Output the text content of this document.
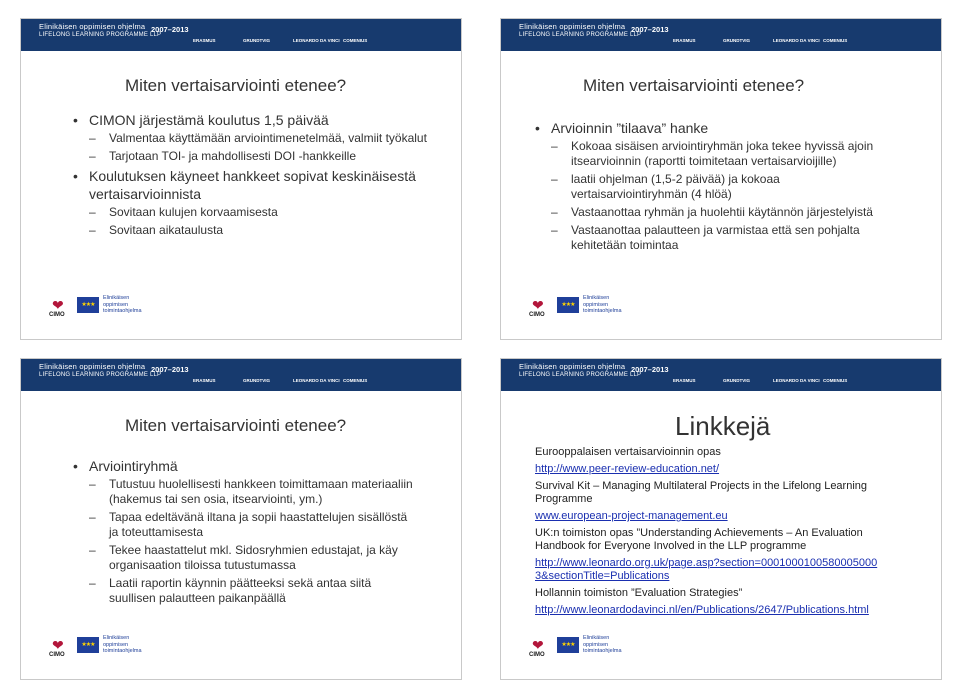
Elinikäisen oppimisen ohjelma
LIFELONG LEARNING PROGRAMME LLP
2007–2013
ERASMUS	GRUNDTVIG	LEONARDO DA VINCI COMENIUS
Miten vertaisarviointi etenee?
• CIMON järjestämä koulutus 1,5 päivää
– Valmentaa käyttämään arviointimenetelmää, valmiit työkalut
– Tarjotaan TOI- ja mahdollisesti DOI -hankkeille
• Koulutuksen käyneet hankkeet sopivat keskinäisestä vertaisarvioinnista
– Sovitaan kulujen korvaamisesta
– Sovitaan aikataulusta
❤
CIMO
★★★
Elinikäisen
oppimisen
toimintaohjelma
Elinikäisen oppimisen ohjelma
LIFELONG LEARNING PROGRAMME LLP
2007–2013
ERASMUS	GRUNDTVIG	LEONARDO DA VINCI COMENIUS
Miten vertaisarviointi etenee?
• Arvioinnin ”tilaava” hanke
– Kokoaa sisäisen arviointiryhmän joka tekee hyvissä ajoin itsearvioinnin (raportti toimitetaan vertaisarvioijille)
– laatii ohjelman (1,5-2 päivää) ja kokoaa vertaisarviointiryhmän (4 hlöä)
– Vastaanottaa ryhmän ja huolehtii käytännön järjestelyistä
– Vastaanottaa palautteen ja varmistaa että sen pohjalta kehitetään toimintaa
❤
CIMO
★★★
Elinikäisen
oppimisen
toimintaohjelma
Elinikäisen oppimisen ohjelma
LIFELONG LEARNING PROGRAMME LLP
2007–2013
ERASMUS	GRUNDTVIG	LEONARDO DA VINCI COMENIUS
Miten vertaisarviointi etenee?
• Arviointiryhmä
– Tutustuu huolellisesti hankkeen toimittamaan materiaaliin (hakemus tai sen osia, itsearviointi, ym.)
– Tapaa edeltävänä iltana ja sopii haastattelujen sisällöstä ja toteuttamisesta
– Tekee haastattelut mkl. Sidosryhmien edustajat, ja käy organisaation tiloissa tutustumassa
– Laatii raportin käynnin päätteeksi sekä antaa siitä suullisen palautteen paikanpäällä
❤
CIMO
★★★
Elinikäisen
oppimisen
toimintaohjelma
Elinikäisen oppimisen ohjelma
LIFELONG LEARNING PROGRAMME LLP
2007–2013
ERASMUS	GRUNDTVIG	LEONARDO DA VINCI COMENIUS
Linkkejä

Eurooppalaisen vertaisarvioinnin opas

http://www.peer-review-education.net/

Survival Kit – Managing Multilateral Projects in the Lifelong Learning Programme

www.european-project-management.eu

UK:n toimiston opas ”Understanding Achievements – An Evaluation Handbook for Everyone Involved in the LLP programme

http://www.leonardo.org.uk/page.asp?section=0001000100580005000 3&sectionTitle=Publications

Hollannin toimiston ”Evaluation Strategies”

http://www.leonardodavinci.nl/en/Publications/2647/Publications.html

❤
CIMO
★★★
Elinikäisen
oppimisen
toimintaohjelma
